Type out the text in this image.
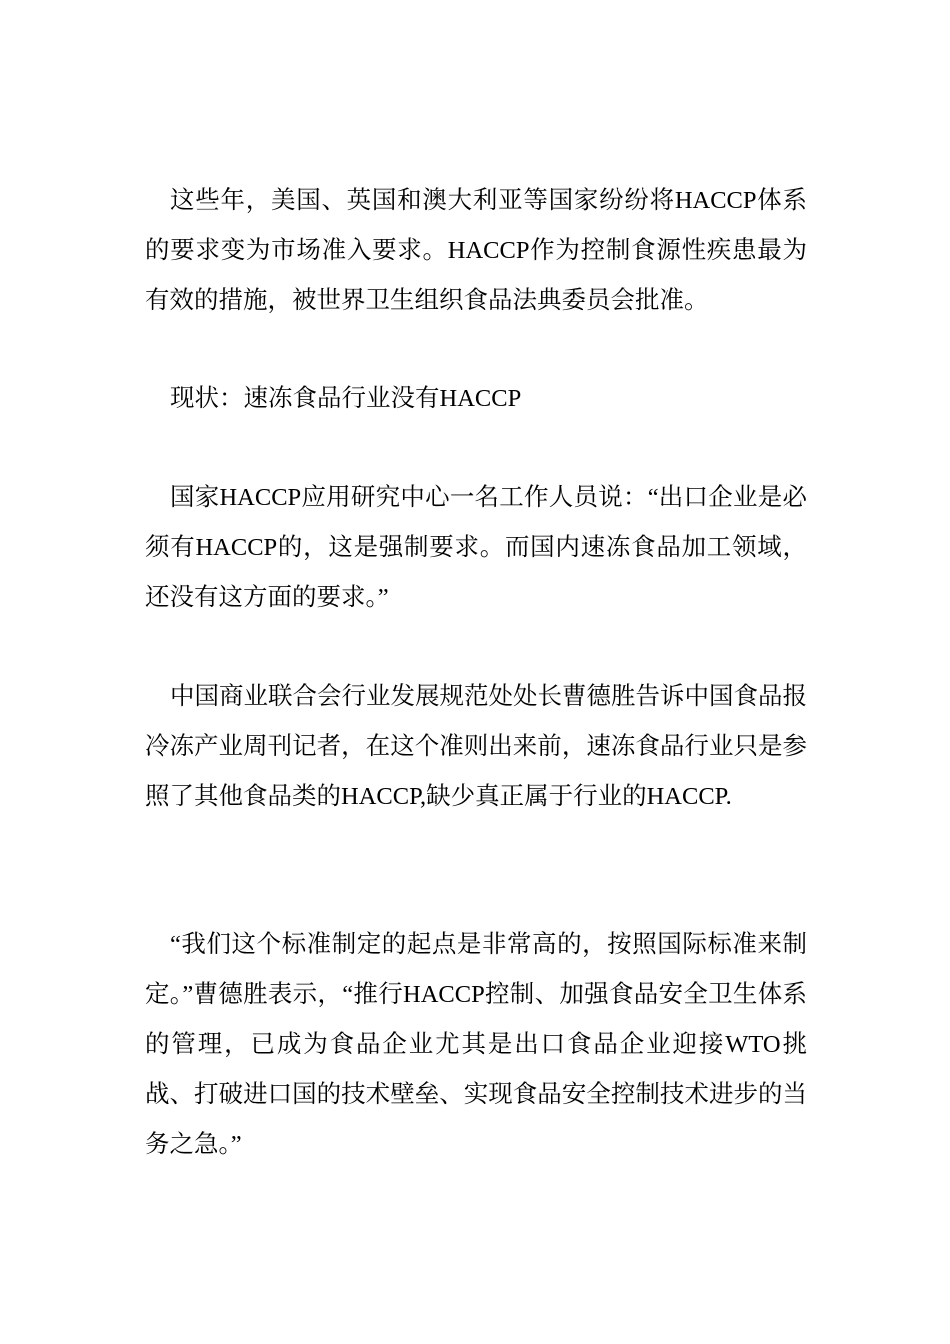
这些年，美国、英国和澳大利亚等国家纷纷将HACCP体系的要求变为市场准入要求。HACCP作为控制食源性疾患最为有效的措施，被世界卫生组织食品法典委员会批准。

现状：速冻食品行业没有HACCP

国家HACCP应用研究中心一名工作人员说：“出口企业是必须有HACCP的，这是强制要求。而国内速冻食品加工领域，还没有这方面的要求。”

中国商业联合会行业发展规范处处长曹德胜告诉中国食品报冷冻产业周刊记者，在这个准则出来前，速冻食品行业只是参照了其他食品类的HACCP,缺少真正属于行业的HACCP.

“我们这个标准制定的起点是非常高的，按照国际标准来制定。”曹德胜表示，“推行HACCP控制、加强食品安全卫生体系的管理，已成为食品企业尤其是出口食品企业迎接WTO挑战、打破进口国的技术壁垒、实现食品安全控制技术进步的当务之急。”
